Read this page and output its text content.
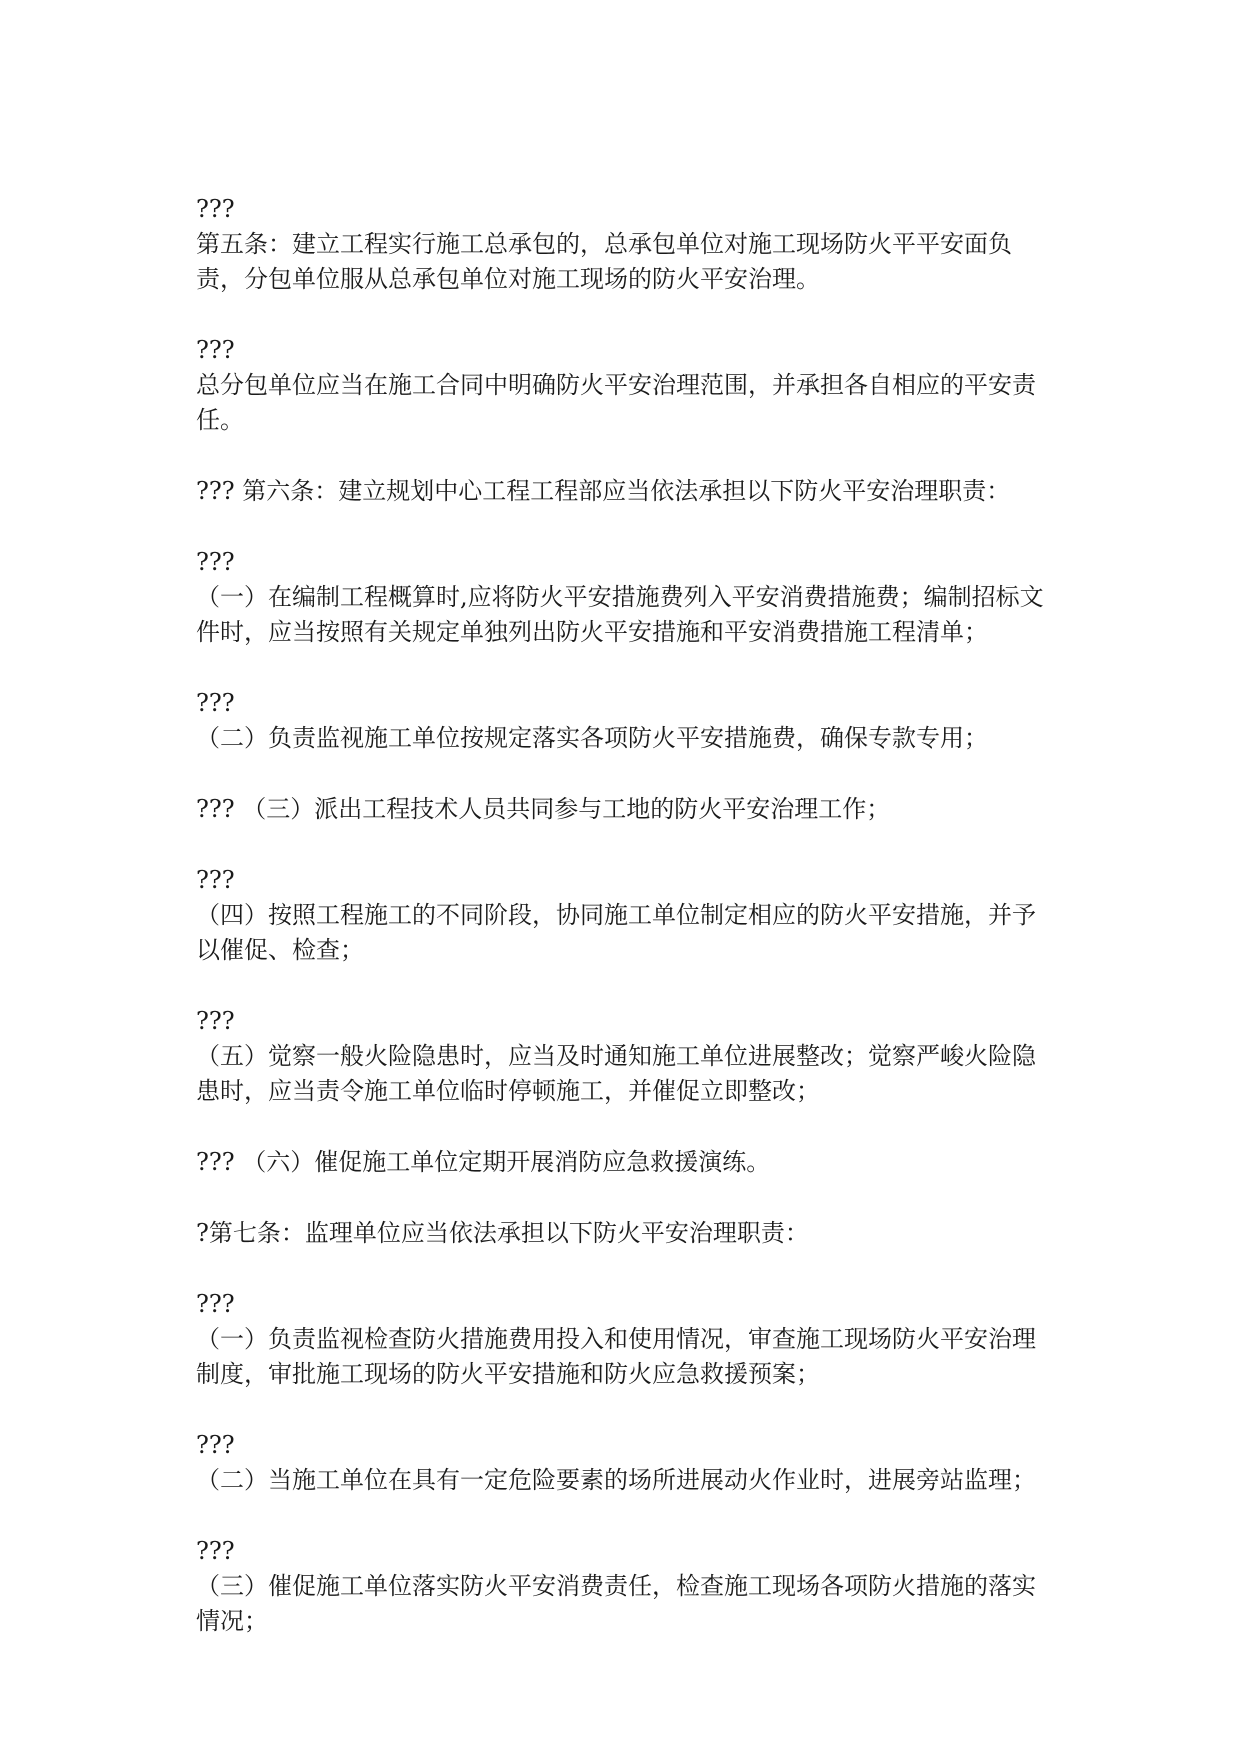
???
第五条：建立工程实行施工总承包的，总承包单位对施工现场防火平平安面负责，分包单位服从总承包单位对施工现场的防火平安治理。
???
总分包单位应当在施工合同中明确防火平安治理范围，并承担各自相应的平安责任。
??? 第六条：建立规划中心工程工程部应当依法承担以下防火平安治理职责：
???
（一）在编制工程概算时,应将防火平安措施费列入平安消费措施费；编制招标文件时，应当按照有关规定单独列出防火平安措施和平安消费措施工程清单；
???
（二）负责监视施工单位按规定落实各项防火平安措施费，确保专款专用；
??? （三）派出工程技术人员共同参与工地的防火平安治理工作；
???
（四）按照工程施工的不同阶段，协同施工单位制定相应的防火平安措施，并予以催促、检查；
???
（五）觉察一般火险隐患时，应当及时通知施工单位进展整改；觉察严峻火险隐患时，应当责令施工单位临时停顿施工，并催促立即整改；
??? （六）催促施工单位定期开展消防应急救援演练。
?第七条：监理单位应当依法承担以下防火平安治理职责：
???
（一）负责监视检查防火措施费用投入和使用情况，审查施工现场防火平安治理制度，审批施工现场的防火平安措施和防火应急救援预案；
???
（二）当施工单位在具有一定危险要素的场所进展动火作业时，进展旁站监理；
???
（三）催促施工单位落实防火平安消费责任，检查施工现场各项防火措施的落实情况；
